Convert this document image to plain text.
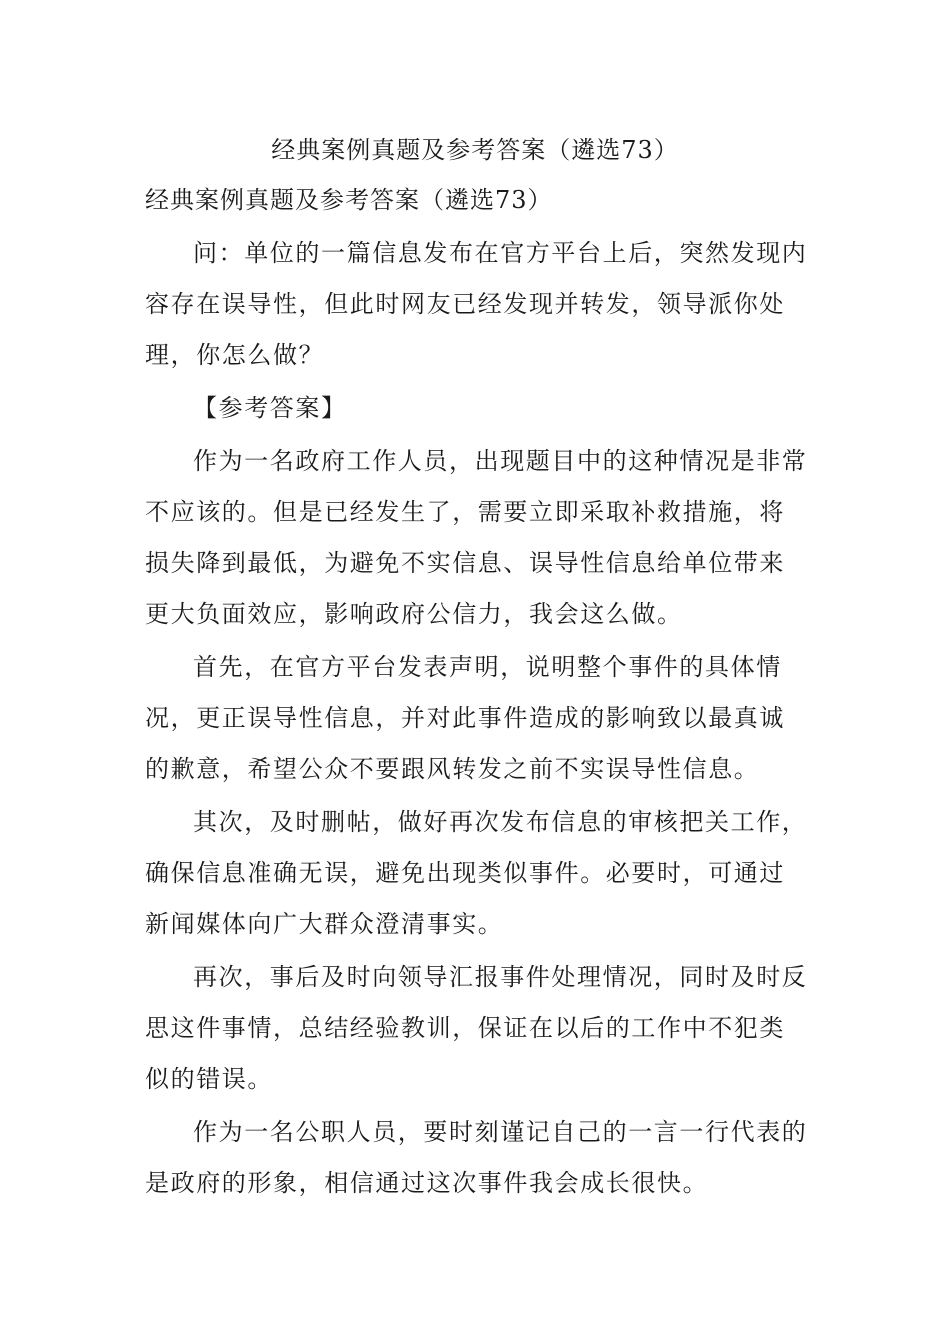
经典案例真题及参考答案（遴选73）
经典案例真题及参考答案（遴选73）

问：单位的一篇信息发布在官方平台上后，突然发现内容存在误导性，但此时网友已经发现并转发，领导派你处理，你怎么做？

【参考答案】

作为一名政府工作人员，出现题目中的这种情况是非常不应该的。但是已经发生了，需要立即采取补救措施，将损失降到最低，为避免不实信息、误导性信息给单位带来更大负面效应，影响政府公信力，我会这么做。

首先，在官方平台发表声明，说明整个事件的具体情况，更正误导性信息，并对此事件造成的影响致以最真诚的歉意，希望公众不要跟风转发之前不实误导性信息。

其次，及时删帖，做好再次发布信息的审核把关工作，确保信息准确无误，避免出现类似事件。必要时，可通过新闻媒体向广大群众澄清事实。

再次，事后及时向领导汇报事件处理情况，同时及时反思这件事情，总结经验教训，保证在以后的工作中不犯类似的错误。

作为一名公职人员，要时刻谨记自己的一言一行代表的是政府的形象，相信通过这次事件我会成长很快。
